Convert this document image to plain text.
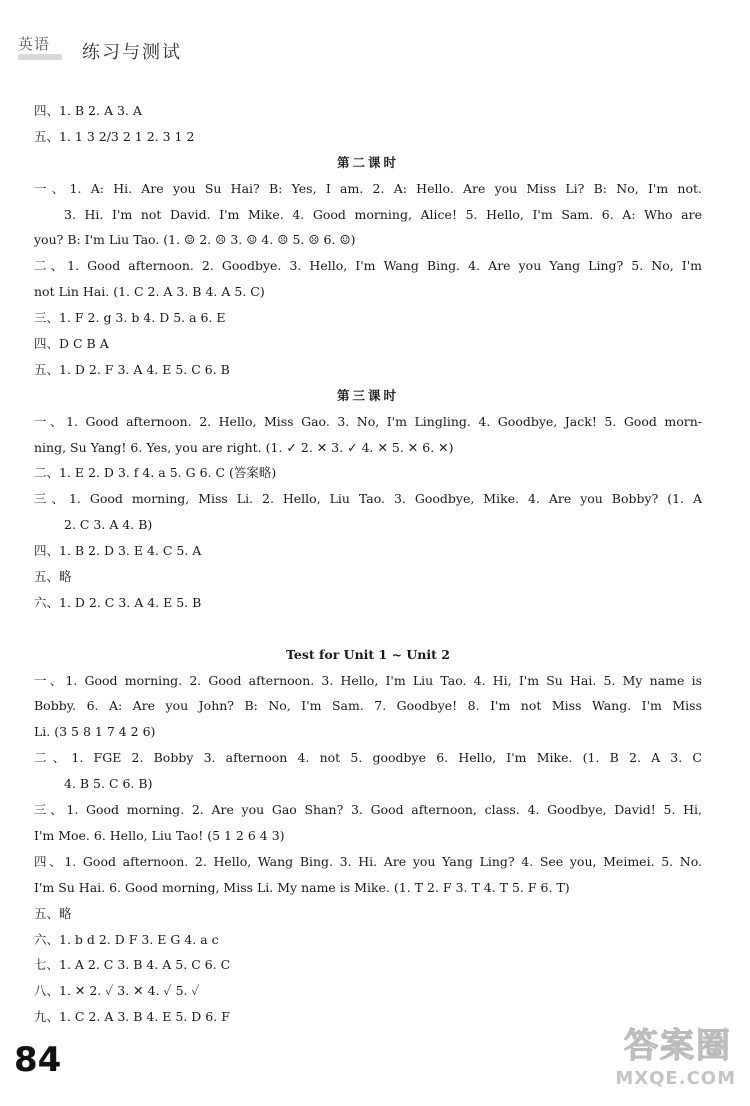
英语 练习与测试
四、1. B 2. A 3. A
五、1. 1 3 2/3 2 1 2. 3 1 2
第二课时
一、1. A: Hi. Are you Su Hai? B: Yes, I am. 2. A: Hello. Are you Miss Li? B: No, I'm not.
3. Hi. I'm not David. I'm Mike. 4. Good morning, Alice! 5. Hello, I'm Sam. 6. A: Who are
you? B: I'm Liu Tao. (1. ☺ 2. ☹ 3. ☺ 4. ☹ 5. ☹ 6. ☺)
二、1. Good afternoon. 2. Goodbye. 3. Hello, I'm Wang Bing. 4. Are you Yang Ling? 5. No, I'm
not Lin Hai. (1. C 2. A 3. B 4. A 5. C)
三、1. F 2. g 3. b 4. D 5. a 6. E
四、D C B A
五、1. D 2. F 3. A 4. E 5. C 6. B
第三课时
一、1. Good afternoon. 2. Hello, Miss Gao. 3. No, I'm Lingling. 4. Goodbye, Jack! 5. Good morn-
ning, Su Yang! 6. Yes, you are right. (1. ✓ 2. ✕ 3. ✓ 4. ✕ 5. ✕ 6. ✕)
二、1. E 2. D 3. f 4. a 5. G 6. C (答案略)
三、1. Good morning, Miss Li. 2. Hello, Liu Tao. 3. Goodbye, Mike. 4. Are you Bobby? (1. A
2. C 3. A 4. B)
四、1. B 2. D 3. E 4. C 5. A
五、略
六、1. D 2. C 3. A 4. E 5. B
Test for Unit 1 ~ Unit 2
一、1. Good morning. 2. Good afternoon. 3. Hello, I'm Liu Tao. 4. Hi, I'm Su Hai. 5. My name is
Bobby. 6. A: Are you John? B: No, I'm Sam. 7. Goodbye! 8. I'm not Miss Wang. I'm Miss
Li. (3 5 8 1 7 4 2 6)
二、1. FGE 2. Bobby 3. afternoon 4. not 5. goodbye 6. Hello, I'm Mike. (1. B 2. A 3. C
4. B 5. C 6. B)
三、1. Good morning. 2. Are you Gao Shan? 3. Good afternoon, class. 4. Goodbye, David! 5. Hi,
I'm Moe. 6. Hello, Liu Tao! (5 1 2 6 4 3)
四、1. Good afternoon. 2. Hello, Wang Bing. 3. Hi. Are you Yang Ling? 4. See you, Meimei. 5. No.
I'm Su Hai. 6. Good morning, Miss Li. My name is Mike. (1. T 2. F 3. T 4. T 5. F 6. T)
五、略
六、1. b d 2. D F 3. E G 4. a c
七、1. A 2. C 3. B 4. A 5. C 6. C
八、1. ✕ 2. ✓ 3. ✕ 4. ✓ 5. ✓
九、1. C 2. A 3. B 4. E 5. D 6. F
84	答案圈
MXQE.COM
